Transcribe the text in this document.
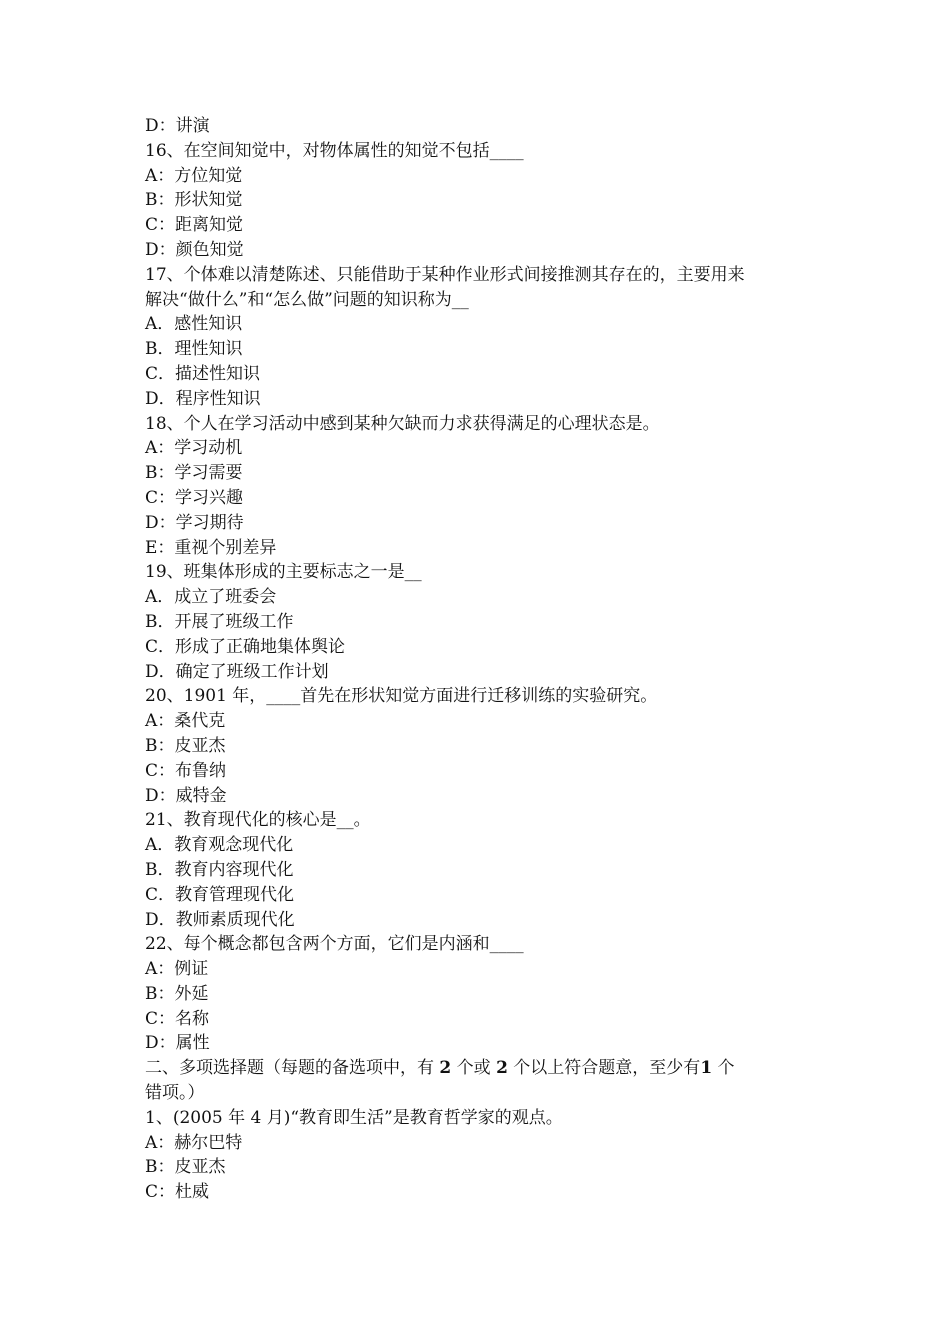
D：讲演
16、在空间知觉中，对物体属性的知觉不包括____
A：方位知觉
B：形状知觉
C：距离知觉
D：颜色知觉
17、个体难以清楚陈述、只能借助于某种作业形式间接推测其存在的，主要用来
解决“做什么”和“怎么做”问题的知识称为__
A．感性知识
B．理性知识
C．描述性知识
D．程序性知识
18、个人在学习活动中感到某种欠缺而力求获得满足的心理状态是。
A：学习动机
B：学习需要
C：学习兴趣
D：学习期待
E：重视个别差异
19、班集体形成的主要标志之一是__
A．成立了班委会
B．开展了班级工作
C．形成了正确地集体舆论
D．确定了班级工作计划
20、1901 年，____首先在形状知觉方面进行迁移训练的实验研究。
A：桑代克
B：皮亚杰
C：布鲁纳
D：威特金
21、教育现代化的核心是__。
A．教育观念现代化
B．教育内容现代化
C．教育管理现代化
D．教师素质现代化
22、每个概念都包含两个方面，它们是内涵和____
A：例证
B：外延
C：名称
D：属性
二、多项选择题（每题的备选项中，有 2 个或 2 个以上符合题意，至少有1 个
错项。）
1、(2005 年 4 月)“教育即生活”是教育哲学家的观点。
A：赫尔巴特
B：皮亚杰
C：杜威
